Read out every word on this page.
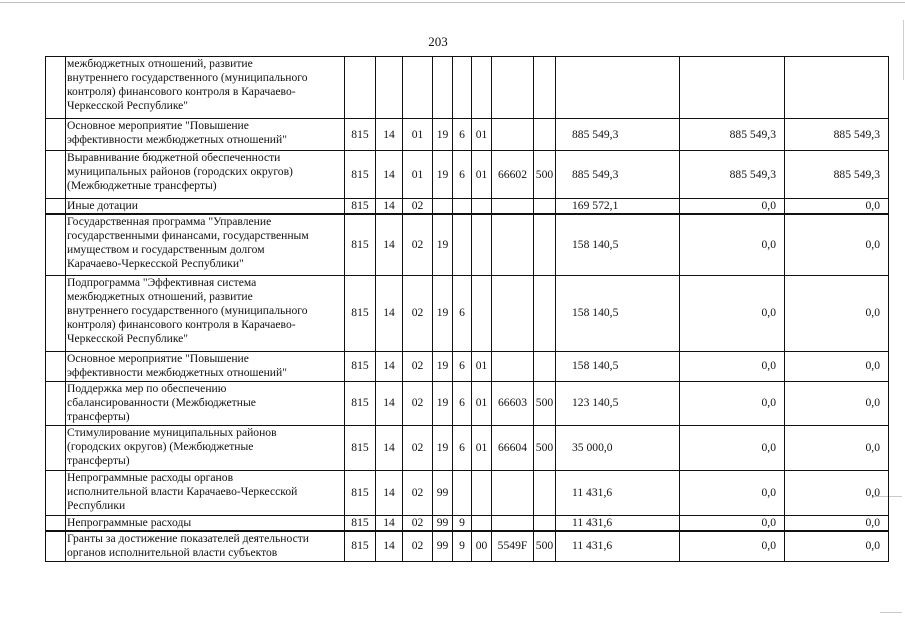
203
	межбюджетных отношений, развитие
внутреннего государственного (муниципального
контроля) финансового контроля в Карачаево-
Черкесской Республике"											
	Основное мероприятие "Повышение
эффективности межбюджетных отношений"	815	14	01	19	6	01			885 549,3	885 549,3	885 549,3
	Выравнивание бюджетной обеспеченности
муниципальных районов (городских округов)
(Межбюджетные трансферты)	815	14	01	19	6	01	66602	500	885 549,3	885 549,3	885 549,3
	Иные дотации	815	14	02						169 572,1	0,0	0,0
	Государственная программа "Управление
государственными финансами, государственным
имуществом и государственным долгом
Карачаево-Черкесской Республики"	815	14	02	19					158 140,5	0,0	0,0
	Подпрограмма "Эффективная система
межбюджетных отношений, развитие
внутреннего государственного (муниципального
контроля) финансового контроля в Карачаево-
Черкесской Республике"	815	14	02	19	6				158 140,5	0,0	0,0
	Основное мероприятие "Повышение
эффективности межбюджетных отношений"	815	14	02	19	6	01			158 140,5	0,0	0,0
	Поддержка мер по обеспечению
сбалансированности (Межбюджетные
трансферты)	815	14	02	19	6	01	66603	500	123 140,5	0,0	0,0
	Стимулирование муниципальных районов
(городских округов) (Межбюджетные
трансферты)	815	14	02	19	6	01	66604	500	35 000,0	0,0	0,0
	Непрограммные расходы органов
исполнительной власти Карачаево-Черкесской
Республики	815	14	02	99					11 431,6	0,0	0,0
	Непрограммные расходы	815	14	02	99	9				11 431,6	0,0	0,0
	Гранты за достижение показателей деятельности
органов исполнительной власти субъектов	815	14	02	99	9	00	5549F	500	11 431,6	0,0	0,0
